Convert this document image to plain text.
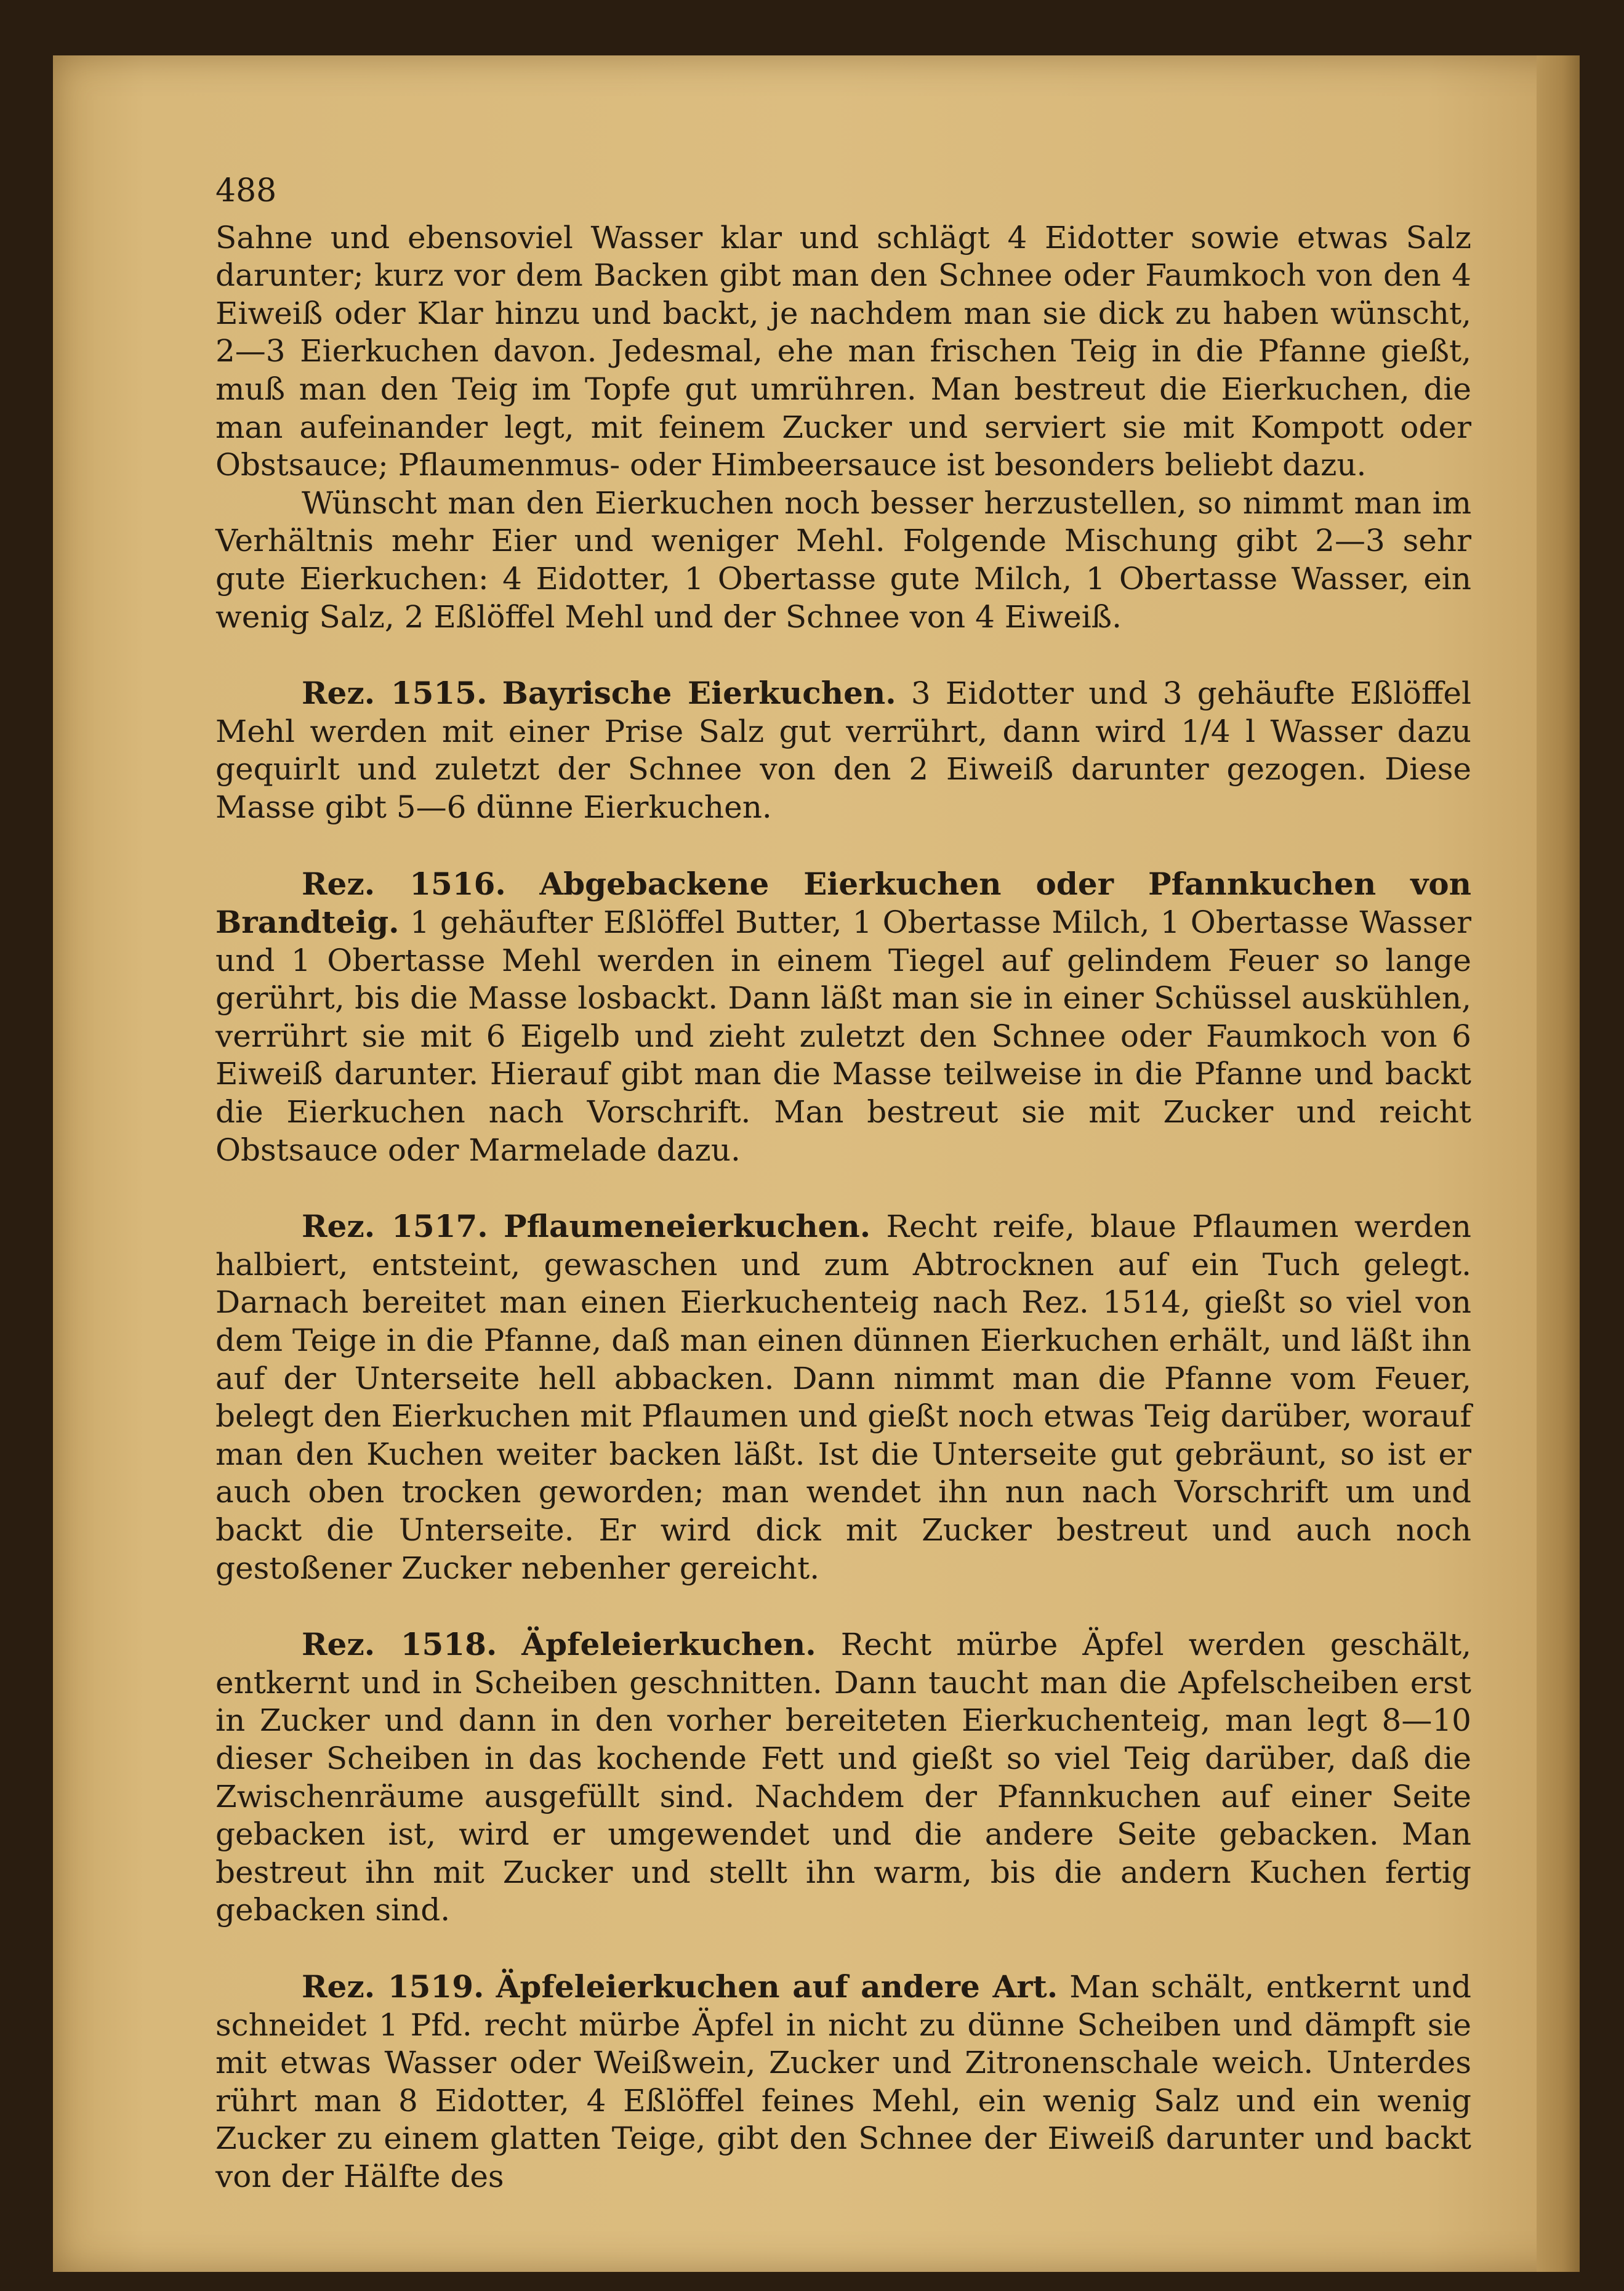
488

Sahne und ebensoviel Wasser klar und schlägt 4 Eidotter sowie etwas Salz darunter; kurz vor dem Backen gibt man den Schnee oder Faumkoch von den 4 Eiweiß oder Klar hinzu und backt, je nachdem man sie dick zu haben wünscht, 2—3 Eierkuchen davon. Jedesmal, ehe man frischen Teig in die Pfanne gießt, muß man den Teig im Topfe gut umrühren. Man bestreut die Eierkuchen, die man aufeinander legt, mit feinem Zucker und serviert sie mit Kompott oder Obstsauce; Pflaumenmus- oder Himbeersauce ist besonders beliebt dazu.

Wünscht man den Eierkuchen noch besser herzustellen, so nimmt man im Verhältnis mehr Eier und weniger Mehl. Folgende Mischung gibt 2—3 sehr gute Eierkuchen: 4 Eidotter, 1 Obertasse gute Milch, 1 Obertasse Wasser, ein wenig Salz, 2 Eßlöffel Mehl und der Schnee von 4 Eiweiß.

Rez. 1515. Bayrische Eierkuchen. 3 Eidotter und 3 gehäufte Eßlöffel Mehl werden mit einer Prise Salz gut verrührt, dann wird 1/4 l Wasser dazu gequirlt und zuletzt der Schnee von den 2 Eiweiß darunter gezogen. Diese Masse gibt 5—6 dünne Eierkuchen.

Rez. 1516. Abgebackene Eierkuchen oder Pfannkuchen von Brandteig. 1 gehäufter Eßlöffel Butter, 1 Obertasse Milch, 1 Obertasse Wasser und 1 Obertasse Mehl werden in einem Tiegel auf gelindem Feuer so lange gerührt, bis die Masse losbackt. Dann läßt man sie in einer Schüssel auskühlen, verrührt sie mit 6 Eigelb und zieht zuletzt den Schnee oder Faumkoch von 6 Eiweiß darunter. Hierauf gibt man die Masse teilweise in die Pfanne und backt die Eierkuchen nach Vorschrift. Man bestreut sie mit Zucker und reicht Obstsauce oder Marmelade dazu.

Rez. 1517. Pflaumeneierkuchen. Recht reife, blaue Pflaumen werden halbiert, entsteint, gewaschen und zum Abtrocknen auf ein Tuch gelegt. Darnach bereitet man einen Eierkuchenteig nach Rez. 1514, gießt so viel von dem Teige in die Pfanne, daß man einen dünnen Eierkuchen erhält, und läßt ihn auf der Unterseite hell abbacken. Dann nimmt man die Pfanne vom Feuer, belegt den Eierkuchen mit Pflaumen und gießt noch etwas Teig darüber, worauf man den Kuchen weiter backen läßt. Ist die Unterseite gut gebräunt, so ist er auch oben trocken geworden; man wendet ihn nun nach Vorschrift um und backt die Unterseite. Er wird dick mit Zucker bestreut und auch noch gestoßener Zucker nebenher gereicht.

Rez. 1518. Äpfeleierkuchen. Recht mürbe Äpfel werden geschält, entkernt und in Scheiben geschnitten. Dann taucht man die Apfelscheiben erst in Zucker und dann in den vorher bereiteten Eierkuchenteig, man legt 8—10 dieser Scheiben in das kochende Fett und gießt so viel Teig darüber, daß die Zwischenräume ausgefüllt sind. Nachdem der Pfannkuchen auf einer Seite gebacken ist, wird er umgewendet und die andere Seite gebacken. Man bestreut ihn mit Zucker und stellt ihn warm, bis die andern Kuchen fertig gebacken sind.

Rez. 1519. Äpfeleierkuchen auf andere Art. Man schält, entkernt und schneidet 1 Pfd. recht mürbe Äpfel in nicht zu dünne Scheiben und dämpft sie mit etwas Wasser oder Weißwein, Zucker und Zitronenschale weich. Unterdes rührt man 8 Eidotter, 4 Eßlöffel feines Mehl, ein wenig Salz und ein wenig Zucker zu einem glatten Teige, gibt den Schnee der Eiweiß darunter und backt von der Hälfte des
